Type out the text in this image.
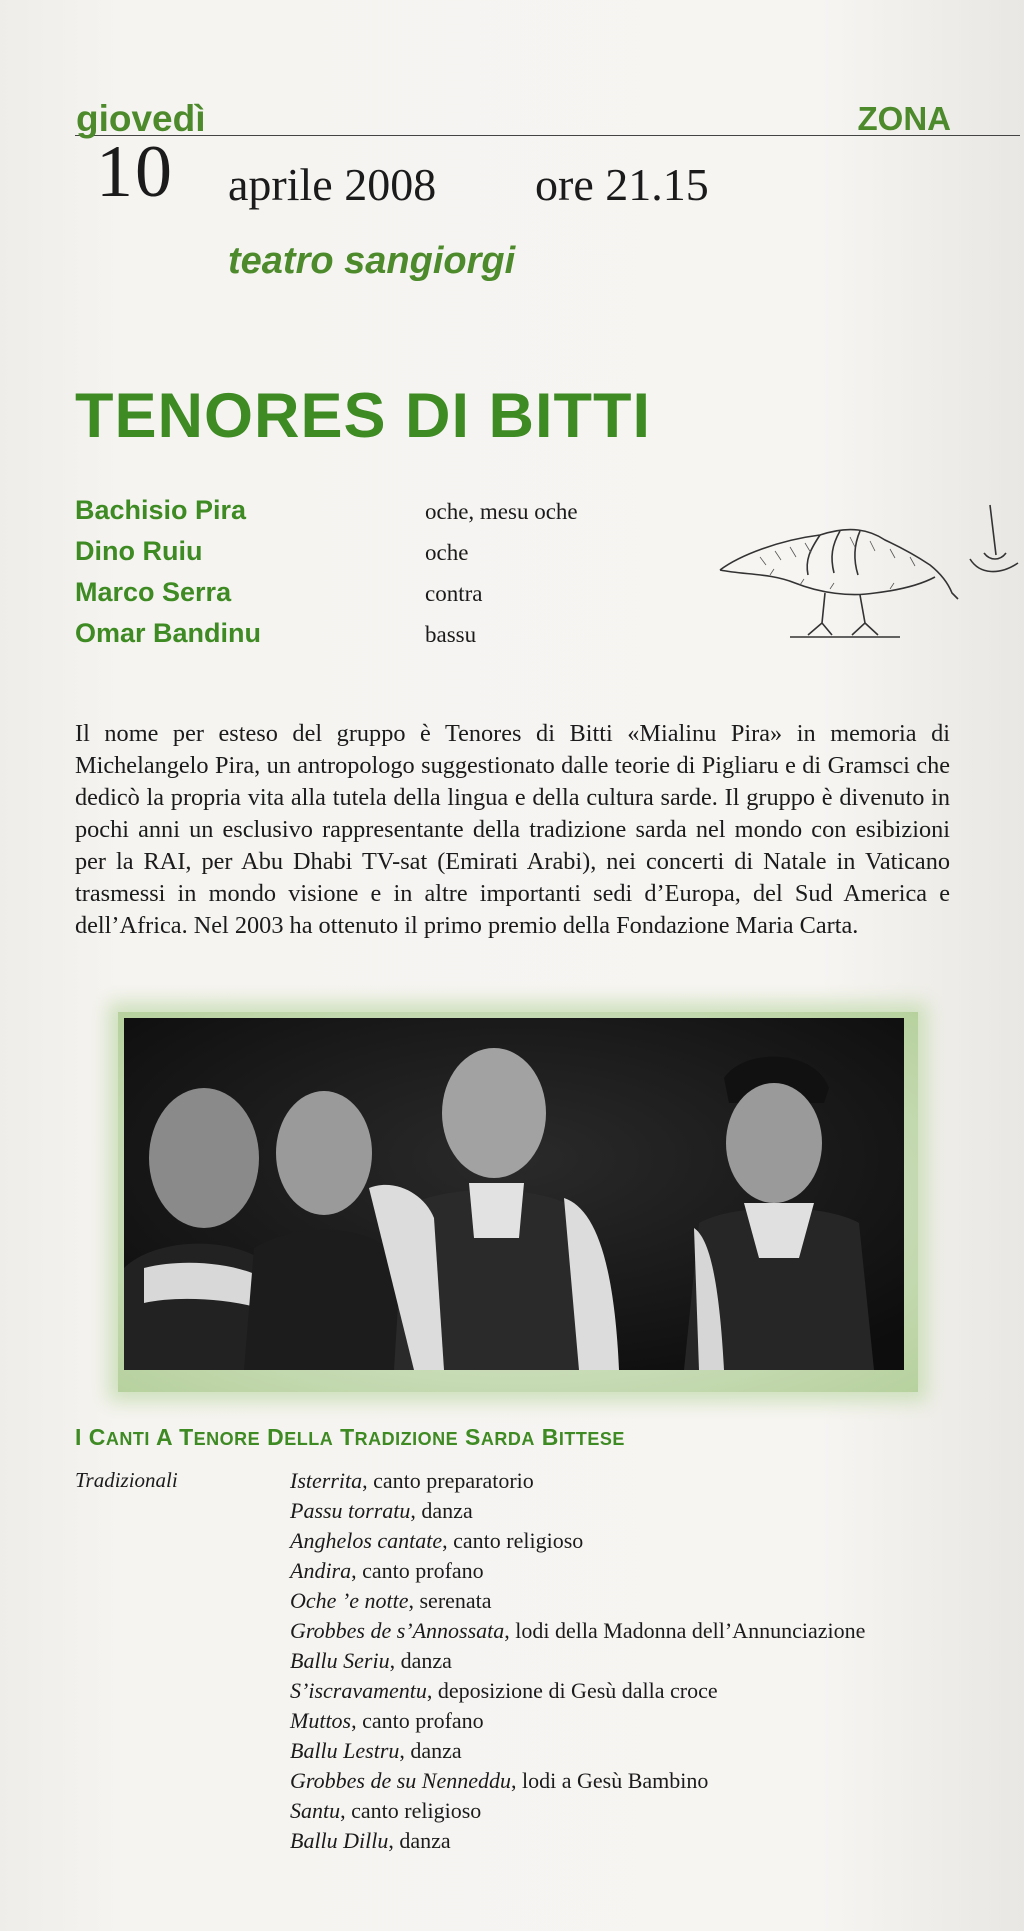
giovedì	ZONA
10 aprile 2008 ore 21.15
teatro sangiorgi
TENORES DI BITTI
Bachisio Pira	oche, mesu oche
Dino Ruiu	oche
Marco Serra	contra
Omar Bandinu	bassu
Il nome per esteso del gruppo è Tenores di Bitti «Mialinu Pira» in memoria di Michelangelo Pira, un antropologo suggestionato dalle teorie di Pigliaru e di Gramsci che dedicò la propria vita alla tutela della lingua e della cultura sarde. Il gruppo è divenuto in pochi anni un esclusivo rappresentante della tradizione sarda nel mondo con esibizioni per la RAI, per Abu Dhabi TV-sat (Emirati Arabi), nei concerti di Natale in Vaticano trasmessi in mondo visione e in altre importanti sedi d’Europa, del Sud America e dell’Africa. Nel 2003 ha ottenuto il primo premio della Fondazione Maria Carta.
I CANTI A TENORE DELLA TRADIZIONE SARDA BITTESE
Tradizionali	Isterrita, canto preparatorio
Passu torratu, danza
Anghelos cantate, canto religioso
Andira, canto profano
Oche ’e notte, serenata
Grobbes de s’Annossata, lodi della Madonna dell’Annunciazione
Ballu Seriu, danza
S’iscravamentu, deposizione di Gesù dalla croce
Muttos, canto profano
Ballu Lestru, danza
Grobbes de su Nenneddu, lodi a Gesù Bambino
Santu, canto religioso
Ballu Dillu, danza
